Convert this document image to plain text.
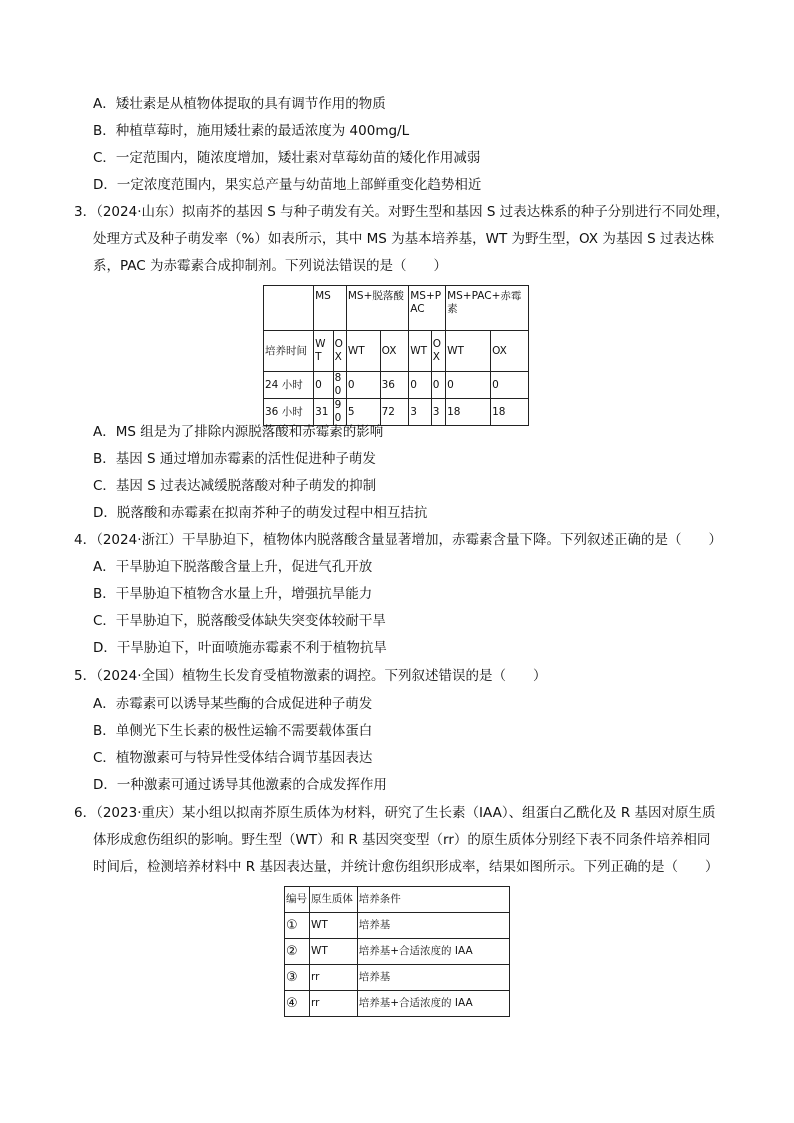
A．矮壮素是从植物体提取的具有调节作用的物质
B．种植草莓时，施用矮壮素的最适浓度为 400mg/L
C．一定范围内，随浓度增加，矮壮素对草莓幼苗的矮化作用减弱
D．一定浓度范围内，果实总产量与幼苗地上部鲜重变化趋势相近
3．（2024·山东）拟南芥的基因 S 与种子萌发有关。对野生型和基因 S 过表达株系的种子分别进行不同处理，
处理方式及种子萌发率（%）如表所示，其中 MS 为基本培养基，WT 为野生型，OX 为基因 S 过表达株
系，PAC 为赤霉素合成抑制剂。下列说法错误的是（　　）
	MS		MS+脱落酸		MS+PAC		MS+PAC+赤霉素	
培养时间	WT	OX	WT	OX	WT	OX	WT	OX
24 小时	0	80	0	36	0	0	0	0
36 小时	31	90	5	72	3	3	18	18
A．MS 组是为了排除内源脱落酸和赤霉素的影响
B．基因 S 通过增加赤霉素的活性促进种子萌发
C．基因 S 过表达减缓脱落酸对种子萌发的抑制
D．脱落酸和赤霉素在拟南芥种子的萌发过程中相互拮抗
4．（2024·浙江）干旱胁迫下，植物体内脱落酸含量显著增加，赤霉素含量下降。下列叙述正确的是（　　）
A．干旱胁迫下脱落酸含量上升，促进气孔开放
B．干旱胁迫下植物含水量上升，增强抗旱能力
C．干旱胁迫下，脱落酸受体缺失突变体较耐干旱
D．干旱胁迫下，叶面喷施赤霉素不利于植物抗旱
5．（2024·全国）植物生长发育受植物激素的调控。下列叙述错误的是（　　）
A．赤霉素可以诱导某些酶的合成促进种子萌发
B．单侧光下生长素的极性运输不需要载体蛋白
C．植物激素可与特异性受体结合调节基因表达
D．一种激素可通过诱导其他激素的合成发挥作用
6．（2023·重庆）某小组以拟南芥原生质体为材料，研究了生长素（IAA）、组蛋白乙酰化及 R 基因对原生质
体形成愈伤组织的影响。野生型（WT）和 R 基因突变型（rr）的原生质体分别经下表不同条件培养相同
时间后，检测培养材料中 R 基因表达量，并统计愈伤组织形成率，结果如图所示。下列正确的是（　　）
编号	原生质体	培养条件
①	WT	培养基
②	WT	培养基+合适浓度的 IAA
③	rr	培养基
④	rr	培养基+合适浓度的 IAA
